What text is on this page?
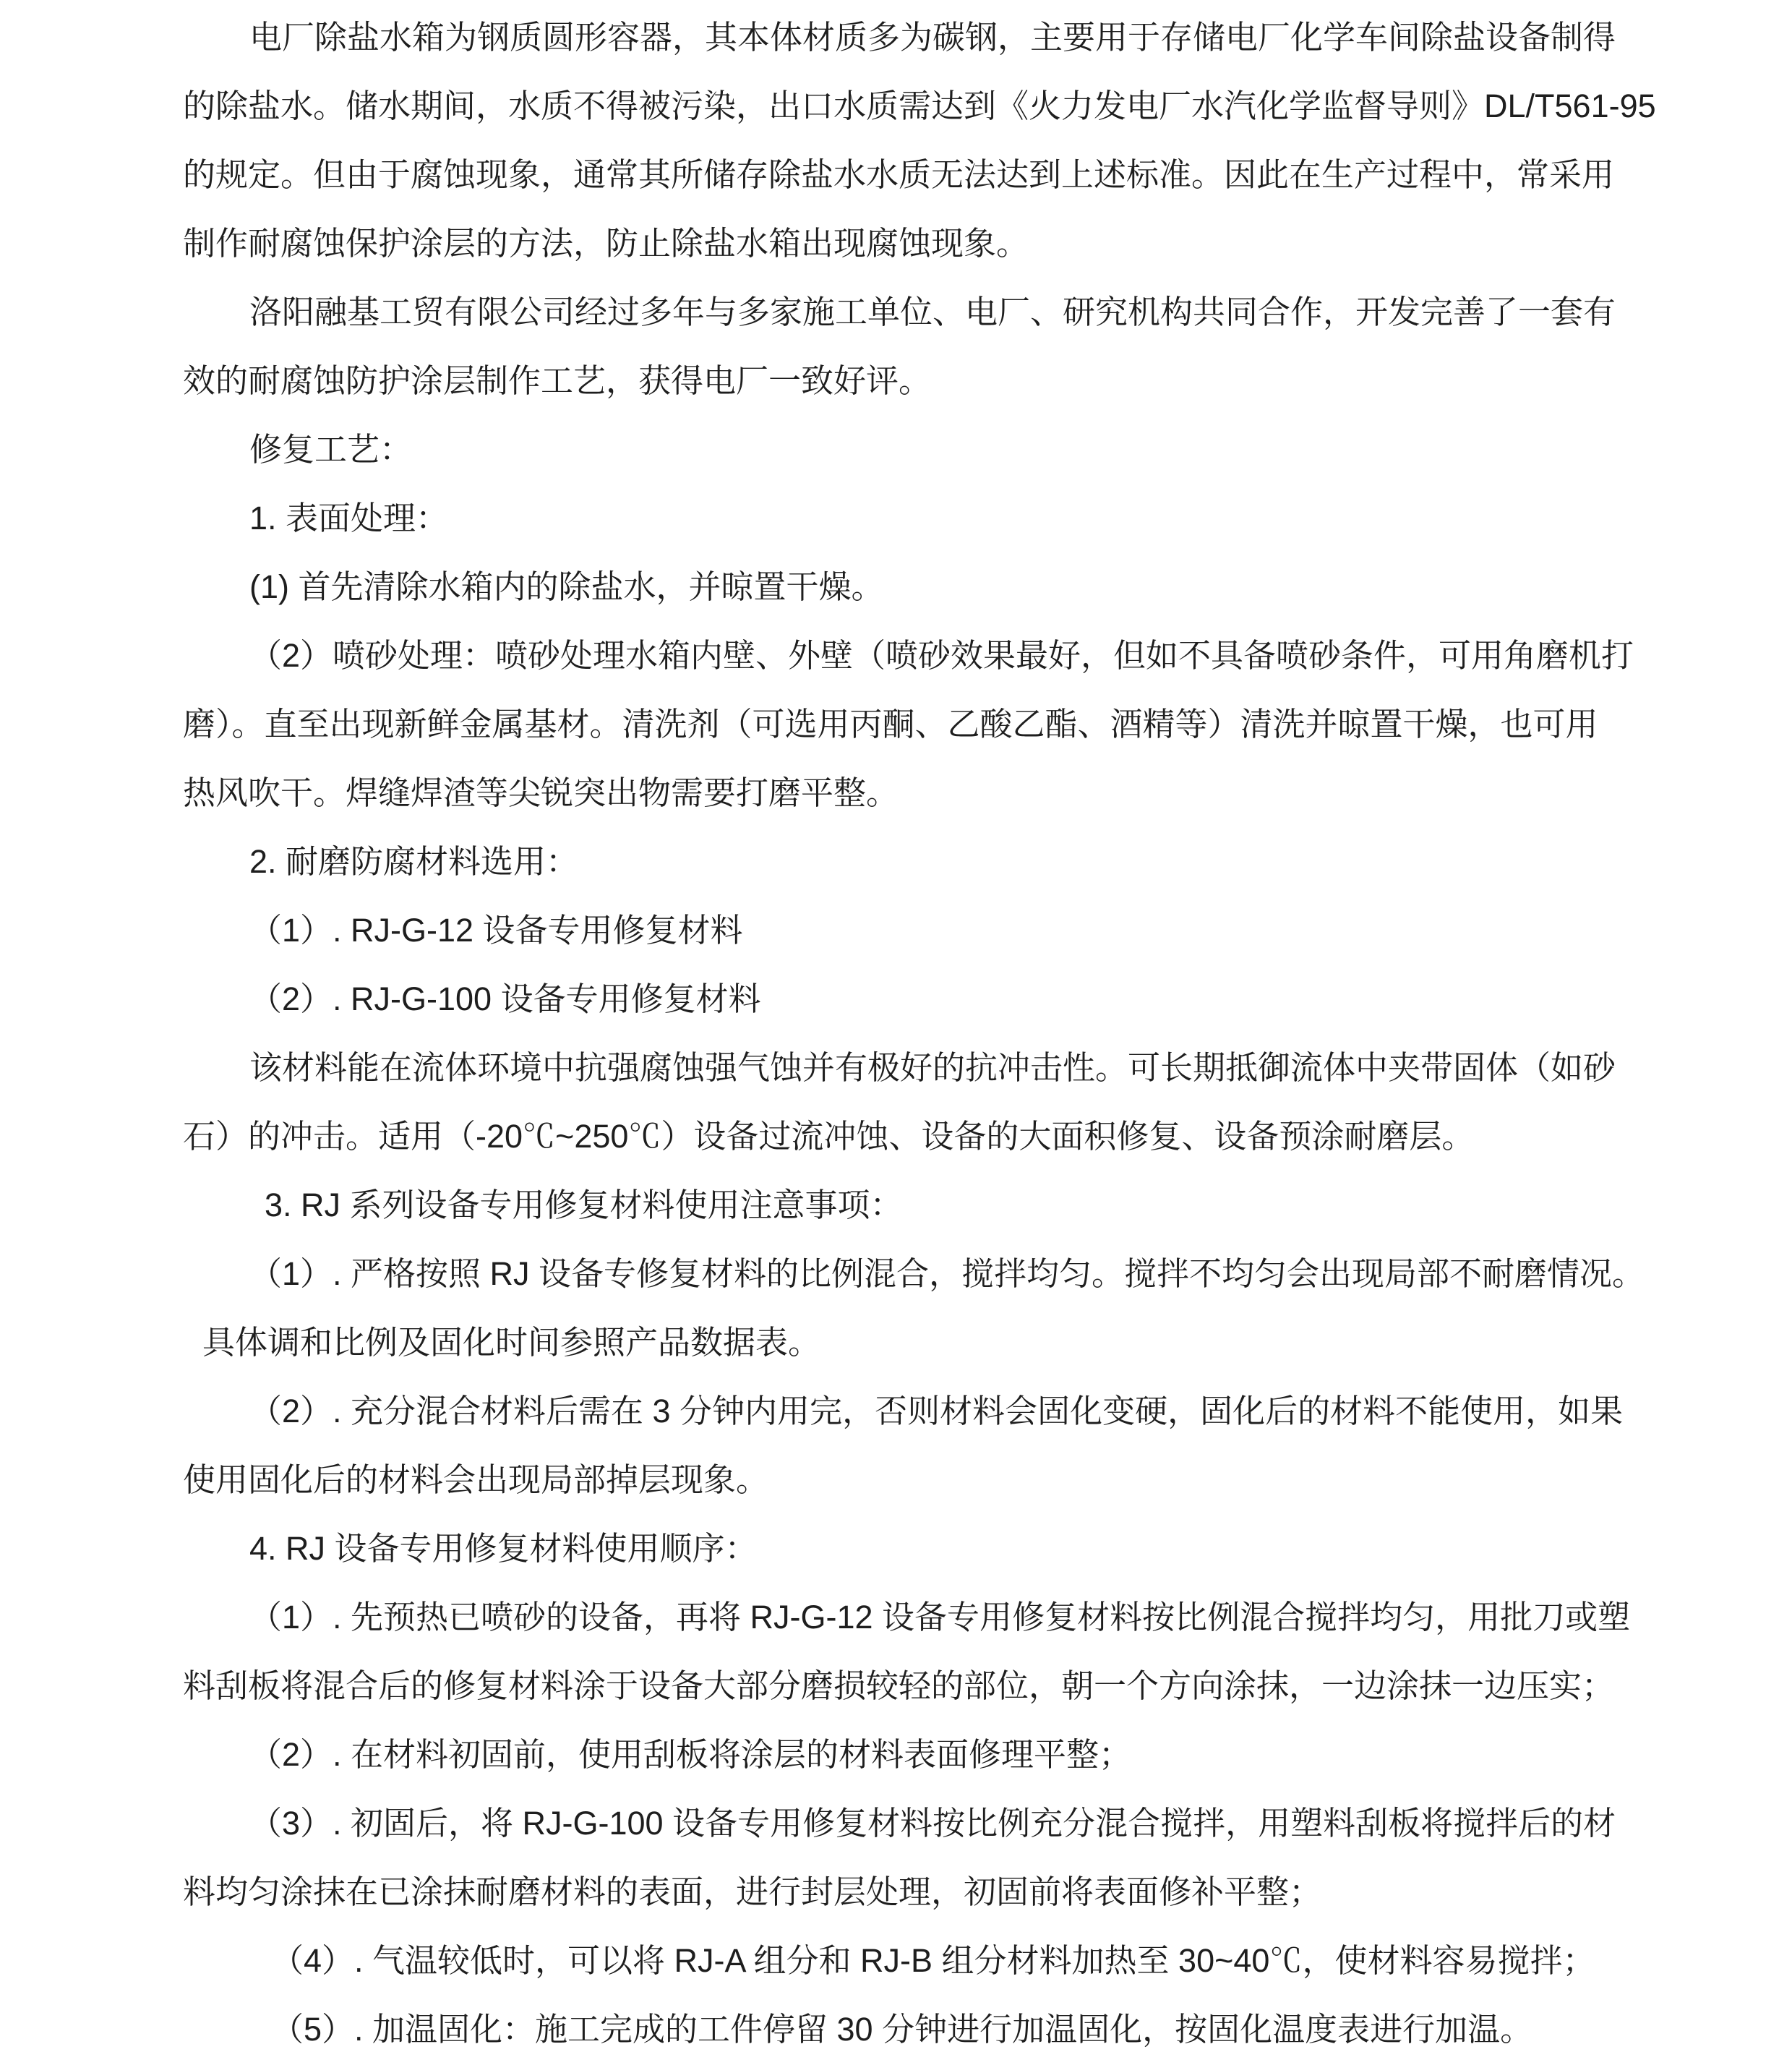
电厂除盐水箱为钢质圆形容器，其本体材质多为碳钢，主要用于存储电厂化学车间除盐设备制得
的除盐水。储水期间，水质不得被污染，出口水质需达到《火力发电厂水汽化学监督导则》DL/T561-95
的规定。但由于腐蚀现象，通常其所储存除盐水水质无法达到上述标准。因此在生产过程中，常采用
制作耐腐蚀保护涂层的方法，防止除盐水箱出现腐蚀现象。
洛阳融基工贸有限公司经过多年与多家施工单位、电厂、研究机构共同合作，开发完善了一套有
效的耐腐蚀防护涂层制作工艺，获得电厂一致好评。
修复工艺：
1. 表面处理：
(1) 首先清除水箱内的除盐水，并晾置干燥。
（2）喷砂处理：喷砂处理水箱内壁、外壁（喷砂效果最好，但如不具备喷砂条件，可用角磨机打
磨）。直至出现新鲜金属基材。清洗剂（可选用丙酮、乙酸乙酯、酒精等）清洗并晾置干燥，也可用
热风吹干。焊缝焊渣等尖锐突出物需要打磨平整。
2. 耐磨防腐材料选用：
（1）. RJ-G-12 设备专用修复材料
（2）. RJ-G-100 设备专用修复材料
该材料能在流体环境中抗强腐蚀强气蚀并有极好的抗冲击性。可长期抵御流体中夹带固体（如砂
石）的冲击。适用（-20℃~250℃）设备过流冲蚀、设备的大面积修复、设备预涂耐磨层。
3. RJ 系列设备专用修复材料使用注意事项：
（1）. 严格按照 RJ 设备专修复材料的比例混合，搅拌均匀。搅拌不均匀会出现局部不耐磨情况。
具体调和比例及固化时间参照产品数据表。
（2）. 充分混合材料后需在 3 分钟内用完，否则材料会固化变硬，固化后的材料不能使用，如果
使用固化后的材料会出现局部掉层现象。
4. RJ 设备专用修复材料使用顺序：
（1）. 先预热已喷砂的设备，再将 RJ-G-12 设备专用修复材料按比例混合搅拌均匀，用批刀或塑
料刮板将混合后的修复材料涂于设备大部分磨损较轻的部位，朝一个方向涂抹，一边涂抹一边压实；
（2）. 在材料初固前，使用刮板将涂层的材料表面修理平整；
（3）. 初固后，将 RJ-G-100 设备专用修复材料按比例充分混合搅拌，用塑料刮板将搅拌后的材
料均匀涂抹在已涂抹耐磨材料的表面，进行封层处理，初固前将表面修补平整；
（4）. 气温较低时，可以将 RJ-A 组分和 RJ-B 组分材料加热至 30~40℃，使材料容易搅拌；
（5）. 加温固化：施工完成的工件停留 30 分钟进行加温固化，按固化温度表进行加温。
